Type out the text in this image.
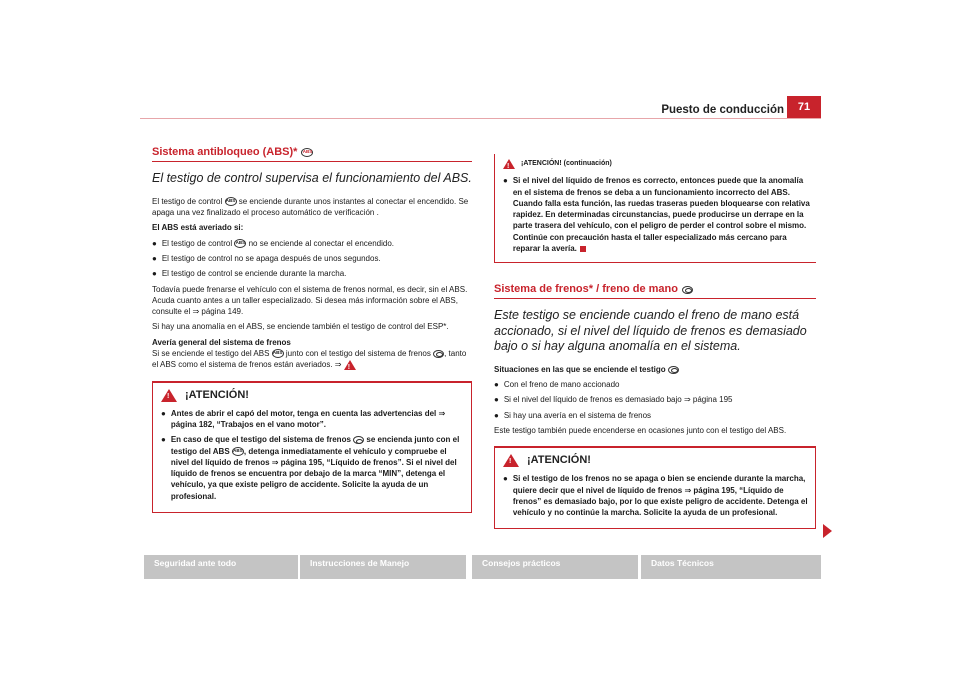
Puesto de conducción	71
Sistema antibloqueo (ABS)* ABS
El testigo de control supervisa el funcionamiento del ABS.

El testigo de control ABS se enciende durante unos instantes al conectar el encendido. Se apaga una vez finalizado el proceso automático de verificación .

El ABS está averiado si:

● El testigo de control ABS no se enciende al conectar el encendido.
● El testigo de control no se apaga después de unos segundos.
● El testigo de control se enciende durante la marcha.

Todavía puede frenarse el vehículo con el sistema de frenos normal, es decir, sin el ABS. Acuda cuanto antes a un taller especializado. Si desea más información sobre el ABS, consulte el ⇒ página 149.

Si hay una anomalía en el ABS, se enciende también el testigo de control del ESP*.

Avería general del sistema de frenos

Si se enciende el testigo del ABS ABS junto con el testigo del sistema de frenos , tanto el ABS como el sistema de frenos están averiados. ⇒ !

!
¡ATENCIÓN!
● Antes de abrir el capó del motor, tenga en cuenta las advertencias del ⇒ página 182, “Trabajos en el vano motor”.
● En caso de que el testigo del sistema de frenos se encienda junto con el testigo del ABS ABS, detenga inmediatamente el vehículo y compruebe el nivel del líquido de frenos ⇒ página 195, “Líquido de frenos”. Si el nivel del líquido de frenos se encuentra por debajo de la marca “MIN”, detenga el vehículo, ya que existe peligro de accidente. Solicite la ayuda de un profesional.
!
¡ATENCIÓN! (continuación)
● Si el nivel del líquido de frenos es correcto, entonces puede que la anomalía en el sistema de frenos se deba a un funcionamiento incorrecto del ABS. Cuando falla esta función, las ruedas traseras pueden bloquearse con relativa rapidez. En determinadas circunstancias, puede producirse un derrape en la parte trasera del vehículo, con el peligro de perder el control sobre el mismo. Continúe con precaución hasta el taller especializado más cercano para reparar la avería.
Sistema de frenos* / freno de mano
Este testigo se enciende cuando el freno de mano está accionado, si el nivel del líquido de frenos es demasiado bajo o si hay alguna anomalía en el sistema.

Situaciones en las que se enciende el testigo

● Con el freno de mano accionado
● Si el nivel del líquido de frenos es demasiado bajo ⇒ página 195
● Si hay una avería en el sistema de frenos

Este testigo también puede encenderse en ocasiones junto con el testigo del ABS.

!
¡ATENCIÓN!
● Si el testigo de los frenos no se apaga o bien se enciende durante la marcha, quiere decir que el nivel de líquido de frenos ⇒ página 195, “Líquido de frenos” es demasiado bajo, por lo que existe peligro de accidente. Detenga el vehículo y no continúe la marcha. Solicite la ayuda de un profesional.
Seguridad ante todo	Instrucciones de Manejo	Consejos prácticos	Datos Técnicos
